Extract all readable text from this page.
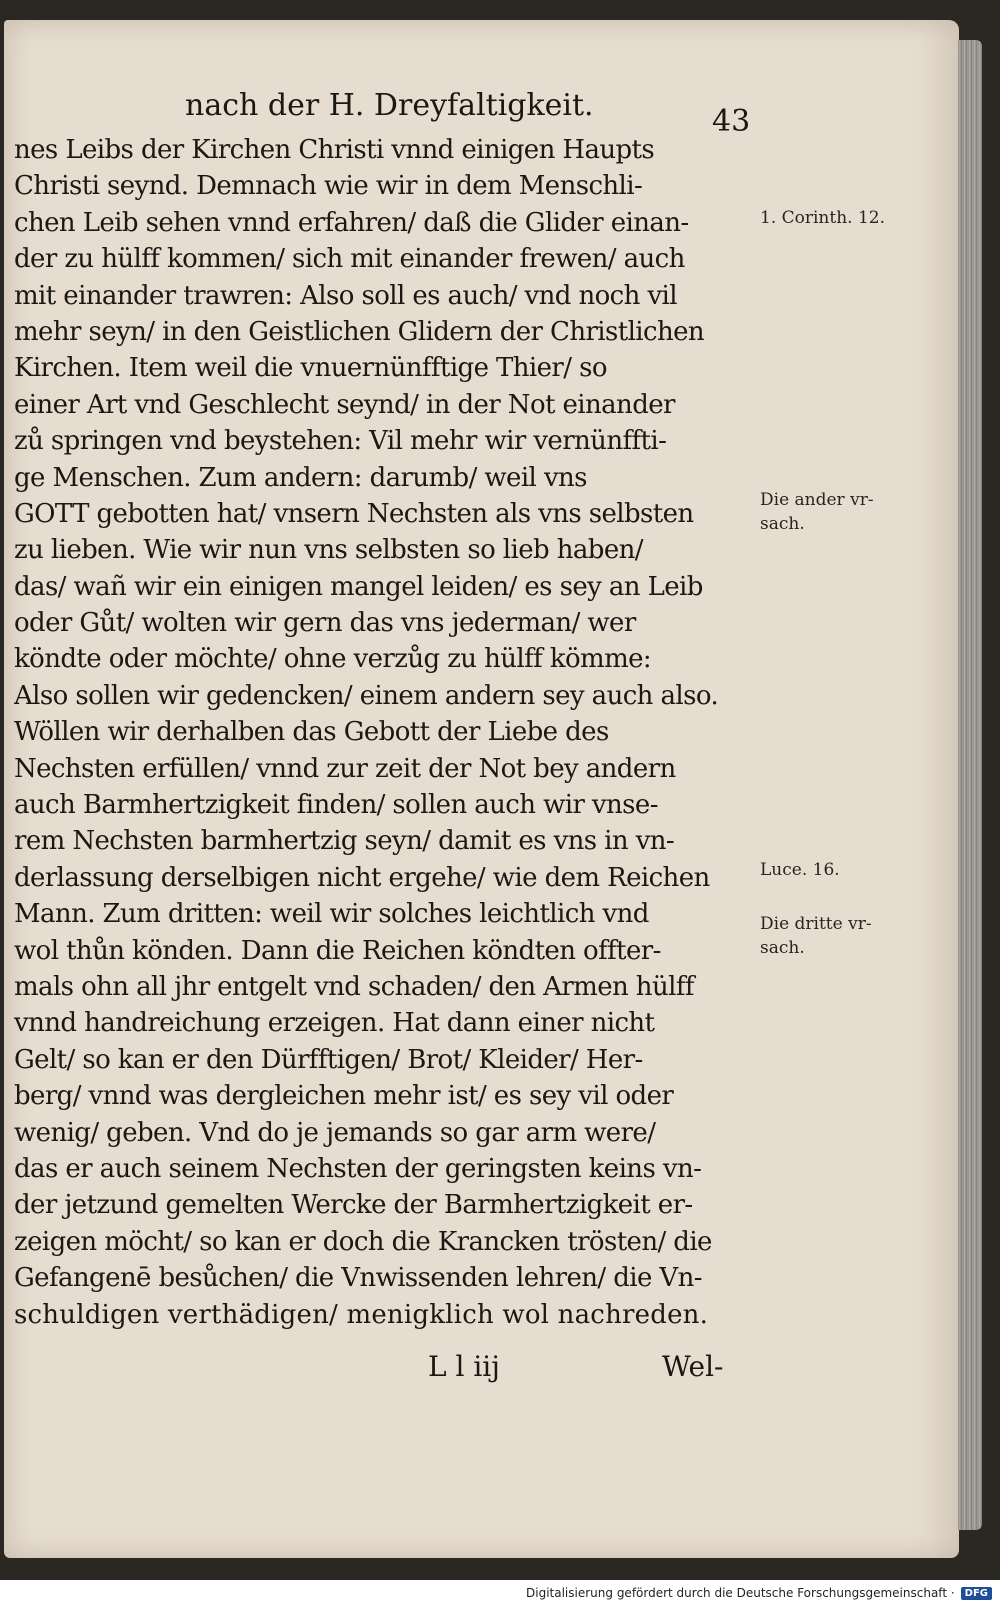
nach der H. Dreyfaltigkeit.	43
nes Leibs der Kirchen Christi vnnd einigen Haupts
Christi seynd. Demnach wie wir in dem Menschli-
chen Leib sehen vnnd erfahren/ daß die Glider einan-
der zu hülff kommen/ sich mit einander frewen/ auch
mit einander trawren: Also soll es auch/ vnd noch vil
mehr seyn/ in den Geistlichen Glidern der Christlichen
Kirchen. Item weil die vnuernünfftige Thier/ so
einer Art vnd Geschlecht seynd/ in der Not einander
zů springen vnd beystehen: Vil mehr wir vernünffti-
ge Menschen. Zum andern: darumb/ weil vns
GOTT gebotten hat/ vnsern Nechsten als vns selbsten
zu lieben. Wie wir nun vns selbsten so lieb haben/
das/ wañ wir ein einigen mangel leiden/ es sey an Leib
oder Gůt/ wolten wir gern das vns jederman/ wer
köndte oder möchte/ ohne verzůg zu hülff kömme:
Also sollen wir gedencken/ einem andern sey auch also.
Wöllen wir derhalben das Gebott der Liebe des
Nechsten erfüllen/ vnnd zur zeit der Not bey andern
auch Barmhertzigkeit finden/ sollen auch wir vnse-
rem Nechsten barmhertzig seyn/ damit es vns in vn-
derlassung derselbigen nicht ergehe/ wie dem Reichen
Mann. Zum dritten: weil wir solches leichtlich vnd
wol thůn könden. Dann die Reichen köndten offter-
mals ohn all jhr entgelt vnd schaden/ den Armen hülff
vnnd handreichung erzeigen. Hat dann einer nicht
Gelt/ so kan er den Dürfftigen/ Brot/ Kleider/ Her-
berg/ vnnd was dergleichen mehr ist/ es sey vil oder
wenig/ geben. Vnd do je jemands so gar arm were/
das er auch seinem Nechsten der geringsten keins vn-
der jetzund gemelten Wercke der Barmhertzigkeit er-
zeigen möcht/ so kan er doch die Krancken trösten/ die
Gefangenē besůchen/ die Vnwissenden lehren/ die Vn-
schuldigen verthädigen/ menigklich wol nachreden.
1. Corinth. 12.
Die ander vr-
sach.
Luce. 16.
Die dritte vr-
sach.
L l iij	Wel-
Digitalisierung gefördert durch die Deutsche Forschungsgemeinschaft ·	DFG
